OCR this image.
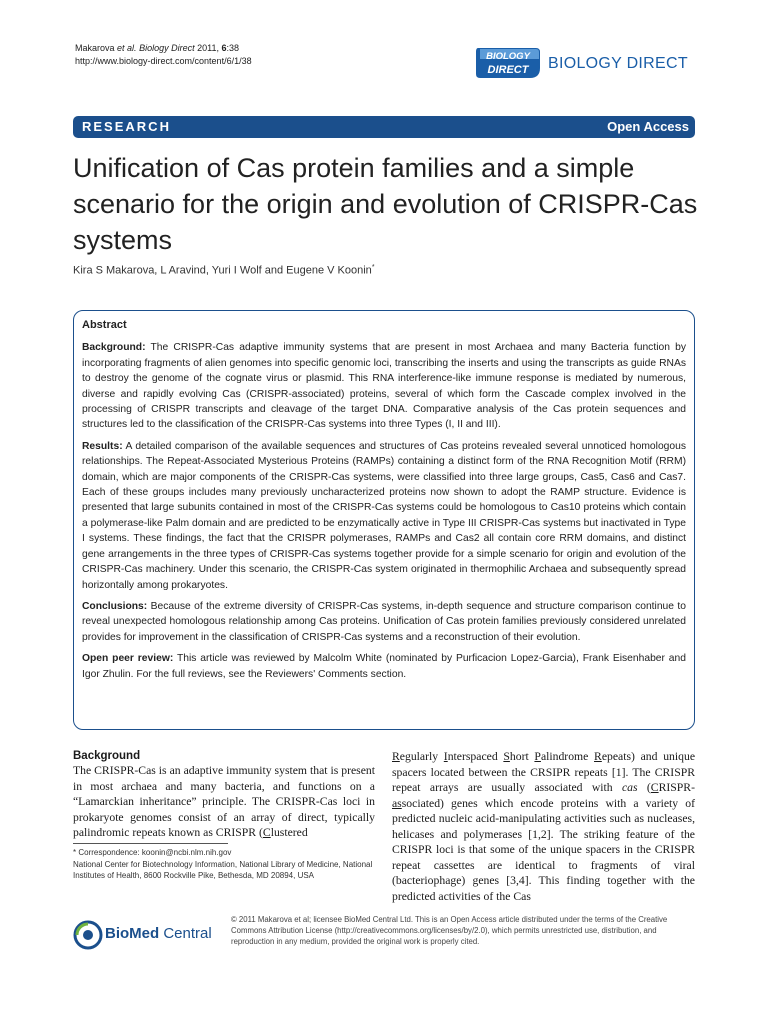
Makarova et al. Biology Direct 2011, 6:38
http://www.biology-direct.com/content/6/1/38	BIOLOGY
DIRECT BIOLOGY DIRECT
RESEARCH	Open Access
Unification of Cas protein families and a simple scenario for the origin and evolution of CRISPR-Cas systems
Kira S Makarova, L Aravind, Yuri I Wolf and Eugene V Koonin*
Abstract

Background: The CRISPR-Cas adaptive immunity systems that are present in most Archaea and many Bacteria function by incorporating fragments of alien genomes into specific genomic loci, transcribing the inserts and using the transcripts as guide RNAs to destroy the genome of the cognate virus or plasmid. This RNA interference-like immune response is mediated by numerous, diverse and rapidly evolving Cas (CRISPR-associated) proteins, several of which form the Cascade complex involved in the processing of CRISPR transcripts and cleavage of the target DNA. Comparative analysis of the Cas protein sequences and structures led to the classification of the CRISPR-Cas systems into three Types (I, II and III).

Results: A detailed comparison of the available sequences and structures of Cas proteins revealed several unnoticed homologous relationships. The Repeat-Associated Mysterious Proteins (RAMPs) containing a distinct form of the RNA Recognition Motif (RRM) domain, which are major components of the CRISPR-Cas systems, were classified into three large groups, Cas5, Cas6 and Cas7. Each of these groups includes many previously uncharacterized proteins now shown to adopt the RAMP structure. Evidence is presented that large subunits contained in most of the CRISPR-Cas systems could be homologous to Cas10 proteins which contain a polymerase-like Palm domain and are predicted to be enzymatically active in Type III CRISPR-Cas systems but inactivated in Type I systems. These findings, the fact that the CRISPR polymerases, RAMPs and Cas2 all contain core RRM domains, and distinct gene arrangements in the three types of CRISPR-Cas systems together provide for a simple scenario for origin and evolution of the CRISPR-Cas machinery. Under this scenario, the CRISPR-Cas system originated in thermophilic Archaea and subsequently spread horizontally among prokaryotes.

Conclusions: Because of the extreme diversity of CRISPR-Cas systems, in-depth sequence and structure comparison continue to reveal unexpected homologous relationship among Cas proteins. Unification of Cas protein families previously considered unrelated provides for improvement in the classification of CRISPR-Cas systems and a reconstruction of their evolution.

Open peer review: This article was reviewed by Malcolm White (nominated by Purficacion Lopez-Garcia), Frank Eisenhaber and Igor Zhulin. For the full reviews, see the Reviewers' Comments section.

Background
The CRISPR-Cas is an adaptive immunity system that is present in most archaea and many bacteria, and functions on a “Lamarckian inheritance” principle. The CRISPR-Cas loci in prokaryote genomes consist of an array of direct, typically palindromic repeats known as CRISPR (Clustered
Regularly Interspaced Short Palindrome Repeats) and unique spacers located between the CRSIPR repeats [1]. The CRISPR repeat arrays are usually associated with cas (CRISPR-associated) genes which encode proteins with a variety of predicted nucleic acid-manipulating activities such as nucleases, helicases and polymerases [1,2]. The striking feature of the CRISPR loci is that some of the unique spacers in the CRISPR repeat cassettes are identical to fragments of viral (bacteriophage) genes [3,4]. This finding together with the predicted activities of the Cas
* Correspondence: koonin@ncbi.nlm.nih.gov
National Center for Biotechnology Information, National Library of Medicine, National Institutes of Health, 8600 Rockville Pike, Bethesda, MD 20894, USA
BioMed Central
© 2011 Makarova et al; licensee BioMed Central Ltd. This is an Open Access article distributed under the terms of the Creative Commons Attribution License (http://creativecommons.org/licenses/by/2.0), which permits unrestricted use, distribution, and reproduction in any medium, provided the original work is properly cited.
